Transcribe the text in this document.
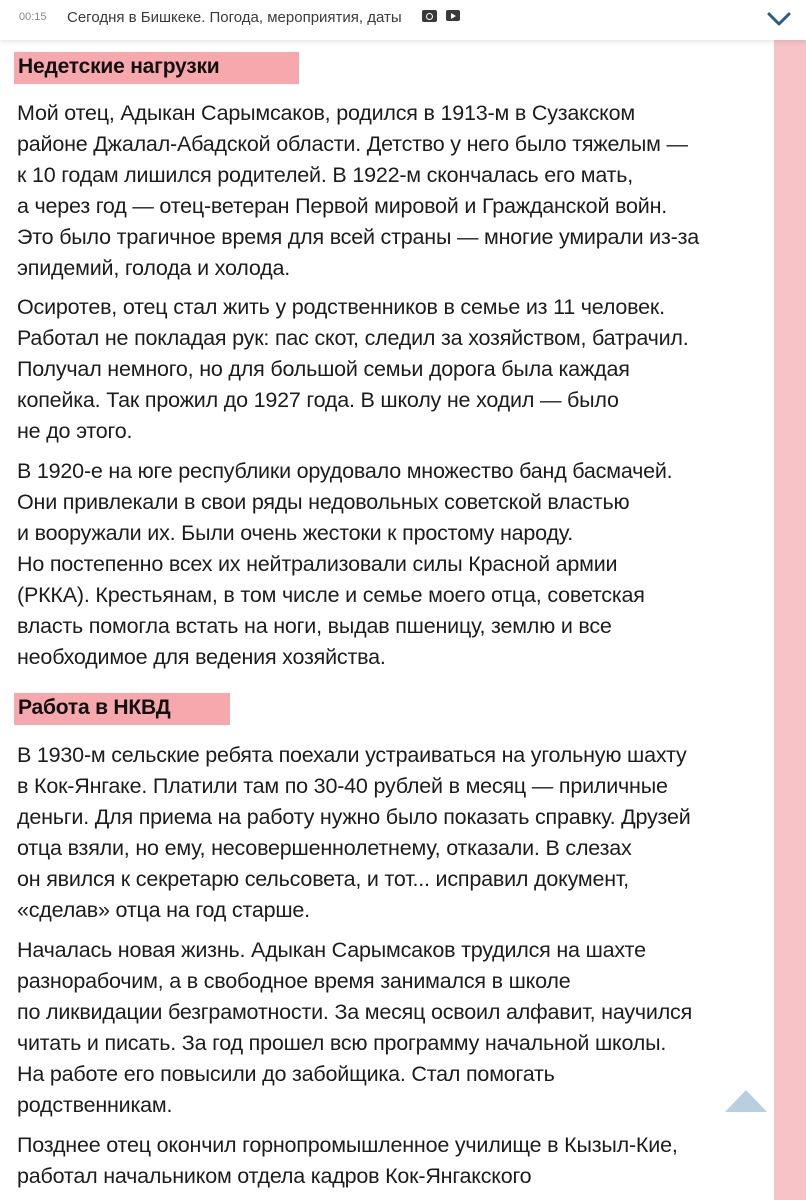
00:15 Сегодня в Бишкеке. Погода, мероприятия, даты
Недетские нагрузки
Мой отец, Адыкан Сарымсаков, родился в 1913-м в Сузакском
районе Джалал-Абадской области. Детство у него было тяжелым —
к 10 годам лишился родителей. В 1922-м скончалась его мать,
а через год — отец-ветеран Первой мировой и Гражданской войн.
Это было трагичное время для всей страны — многие умирали из-за
эпидемий, голода и холода.
Осиротев, отец стал жить у родственников в семье из 11 человек.
Работал не покладая рук: пас скот, следил за хозяйством, батрачил.
Получал немного, но для большой семьи дорога была каждая
копейка. Так прожил до 1927 года. В школу не ходил — было
не до этого.
В 1920-е на юге республики орудовало множество банд басмачей.
Они привлекали в свои ряды недовольных советской властью
и вооружали их. Были очень жестоки к простому народу.
Но постепенно всех их нейтрализовали силы Красной армии
(РККА). Крестьянам, в том числе и семье моего отца, советская
власть помогла встать на ноги, выдав пшеницу, землю и все
необходимое для ведения хозяйства.
Работа в НКВД
В 1930-м сельские ребята поехали устраиваться на угольную шахту
в Кок-Янгаке. Платили там по 30-40 рублей в месяц — приличные
деньги. Для приема на работу нужно было показать справку. Друзей
отца взяли, но ему, несовершеннолетнему, отказали. В слезах
он явился к секретарю сельсовета, и тот... исправил документ,
«сделав» отца на год старше.
Началась новая жизнь. Адыкан Сарымсаков трудился на шахте
разнорабочим, а в свободное время занимался в школе
по ликвидации безграмотности. За месяц освоил алфавит, научился
читать и писать. За год прошел всю программу начальной школы.
На работе его повысили до забойщика. Стал помогать
родственникам.
Позднее отец окончил горнопромышленное училище в Кызыл-Кие,
работал начальником отдела кадров Кок-Янгакского
